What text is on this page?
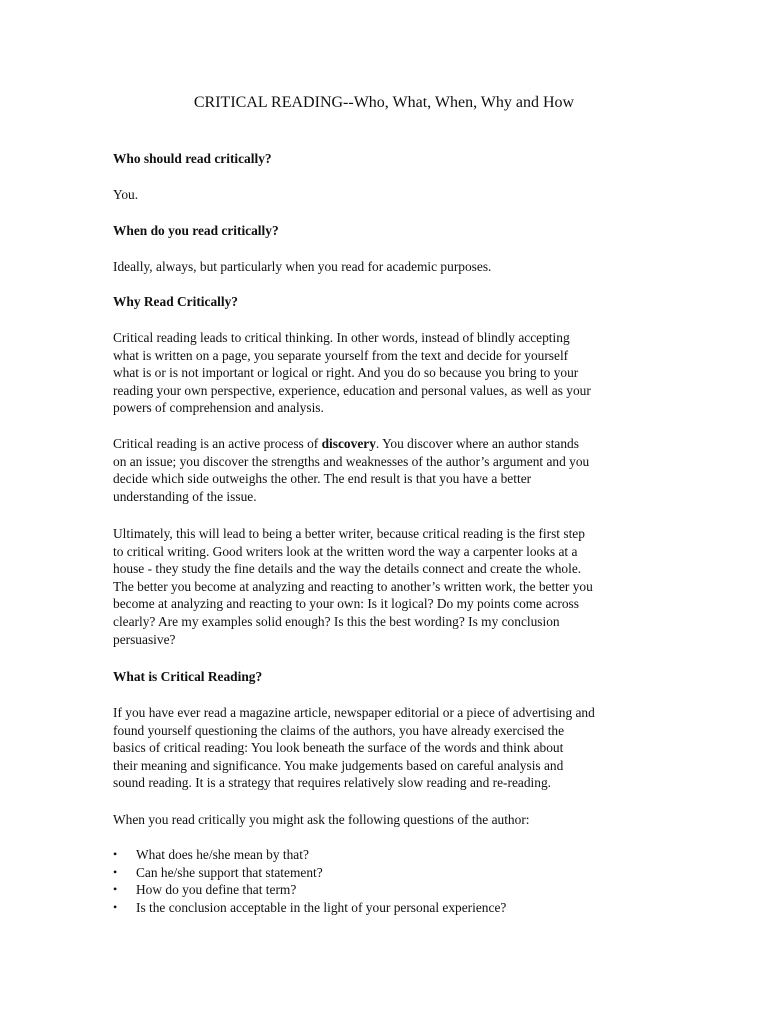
CRITICAL READING--Who, What, When, Why and How

Who should read critically?

You.

When do you read critically?

Ideally, always, but particularly when you read for academic purposes.

Why Read Critically?

Critical reading leads to critical thinking. In other words, instead of blindly accepting
what is written on a page, you separate yourself from the text and decide for yourself
what is or is not important or logical or right. And you do so because you bring to your
reading your own perspective, experience, education and personal values, as well as your
powers of comprehension and analysis.
Critical reading is an active process of discovery. You discover where an author stands
on an issue; you discover the strengths and weaknesses of the author’s argument and you
decide which side outweighs the other. The end result is that you have a better
understanding of the issue.
Ultimately, this will lead to being a better writer, because critical reading is the first step
to critical writing. Good writers look at the written word the way a carpenter looks at a
house - they study the fine details and the way the details connect and create the whole.
The better you become at analyzing and reacting to another’s written work, the better you
become at analyzing and reacting to your own: Is it logical? Do my points come across
clearly? Are my examples solid enough? Is this the best wording? Is my conclusion
persuasive?

What is Critical Reading?

If you have ever read a magazine article, newspaper editorial or a piece of advertising and
found yourself questioning the claims of the authors, you have already exercised the
basics of critical reading: You look beneath the surface of the words and think about
their meaning and significance. You make judgements based on careful analysis and
sound reading. It is a strategy that requires relatively slow reading and re-reading.

When you read critically you might ask the following questions of the author:

• What does he/she mean by that?
• Can he/she support that statement?
• How do you define that term?
• Is the conclusion acceptable in the light of your personal experience?
